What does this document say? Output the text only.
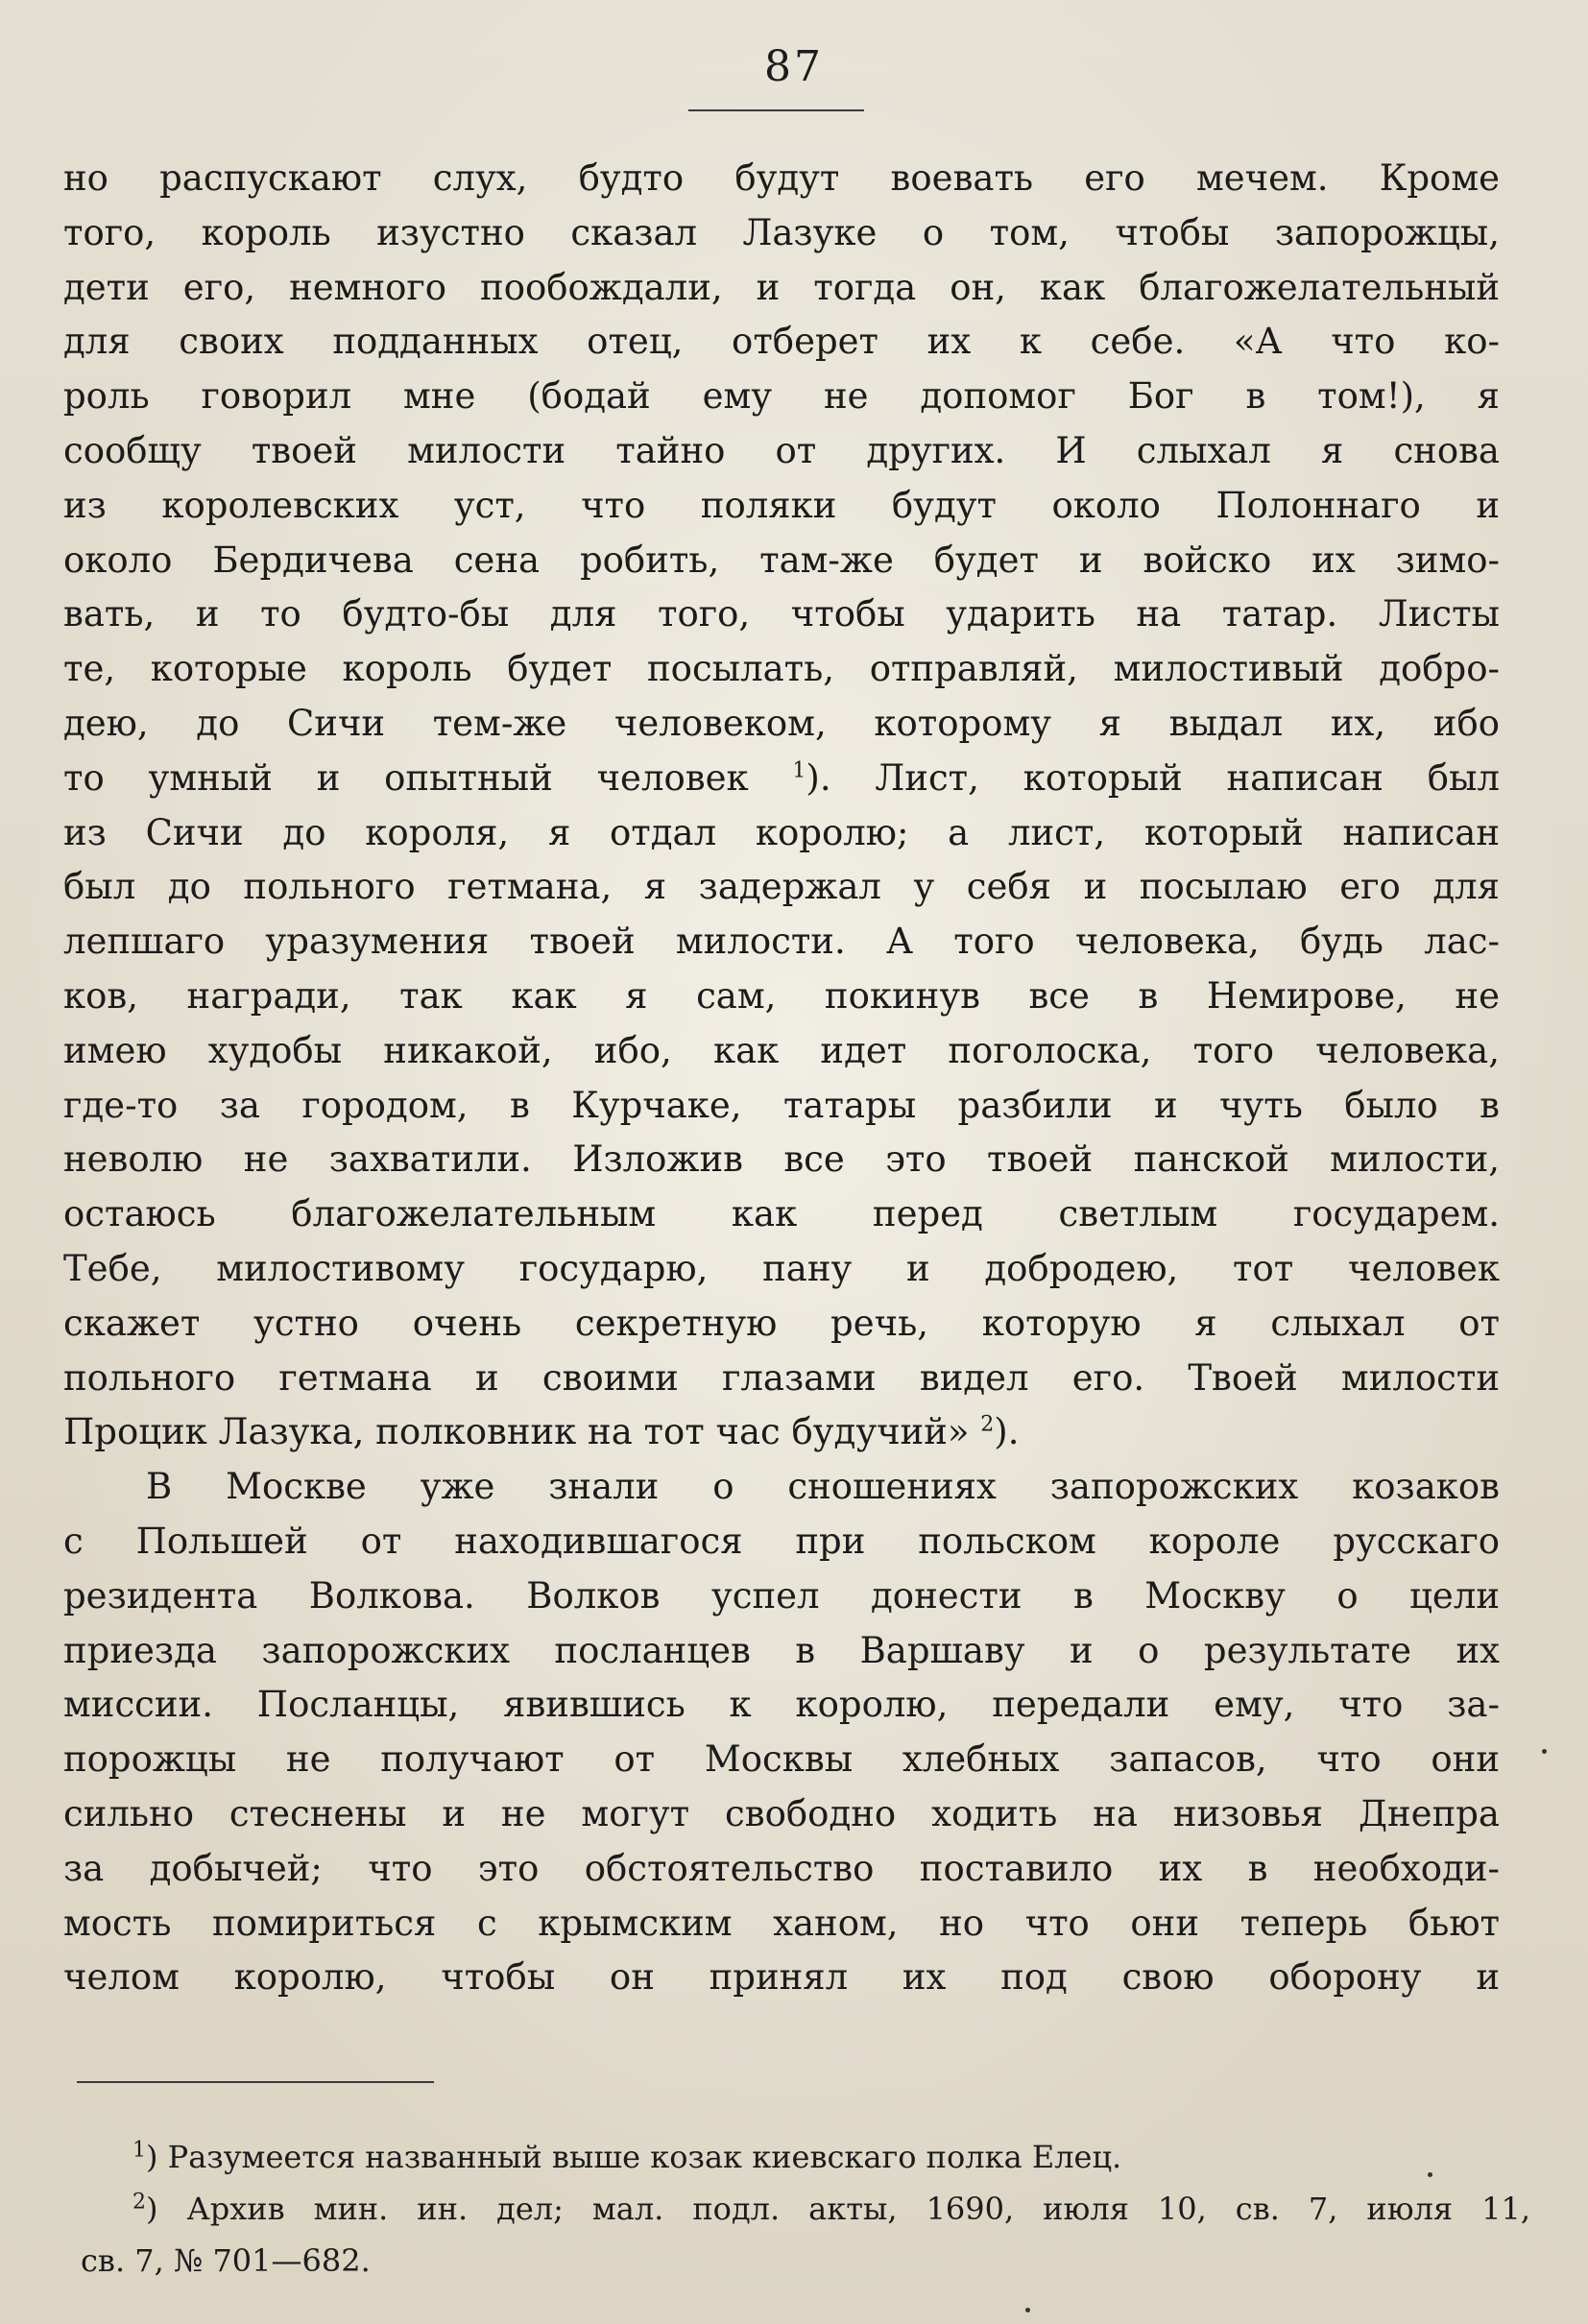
87
но распускают слух, будто будут воевать его мечем. Кроме
того, король изустно сказал Лазуке о том, чтобы запорожцы,
дети его, немного пообождали, и тогда он, как благожелательный
для своих подданных отец, отберет их к себе. «А что ко-
роль говорил мне (бодай ему не допомог Бог в том!), я
сообщу твоей милости тайно от других. И слыхал я снова
из королевских уст, что поляки будут около Полоннаго и
около Бердичева сена робить, там-же будет и войско их зимо-
вать, и то будто-бы для того, чтобы ударить на татар. Листы
те, которые король будет посылать, отправляй, милостивый добро-
дею, до Сичи тем-же человеком, которому я выдал их, ибо
то умный и опытный человек $^1$). Лист, который написан был
из Сичи до короля, я отдал королю; а лист, который написан
был до польного гетмана, я задержал у себя и посылаю его для
лепшаго уразумения твоей милости. А того человека, будь лас-
ков, награди, так как я сам, покинув все в Немирове, не
имею худобы никакой, ибо, как идет поголоска, того человека,
где-то за городом, в Курчаке, татары разбили и чуть было в
неволю не захватили. Изложив все это твоей панской милости,
остаюсь благожелательным как перед светлым государем.
Тебе, милостивому государю, пану и добродею, тот человек
скажет устно очень секретную речь, которую я слыхал от
польного гетмана и своими глазами видел его. Твоей милости
Процик Лазука, полковник на тот час будучий» $^2$).
В Москве уже знали о сношениях запорожских козаков
с Польшей от находившагося при польском короле русскаго
резидента Волкова. Волков успел донести в Москву о цели
приезда запорожских посланцев в Варшаву и о результате их
миссии. Посланцы, явившись к королю, передали ему, что за-
порожцы не получают от Москвы хлебных запасов, что они
сильно стеснены и не могут свободно ходить на низовья Днепра
за добычей; что это обстоятельство поставило их в необходи-
мость помириться с крымским ханом, но что они теперь бьют
челом королю, чтобы он принял их под свою оборону и
$^1$) Разумеется названный выше козак киевскаго полка Елец.
$^2$) Архив мин. ин. дел; мал. подл. акты, 1690, июля 10, св. 7, июля 11,
св. 7, № 701—682.
